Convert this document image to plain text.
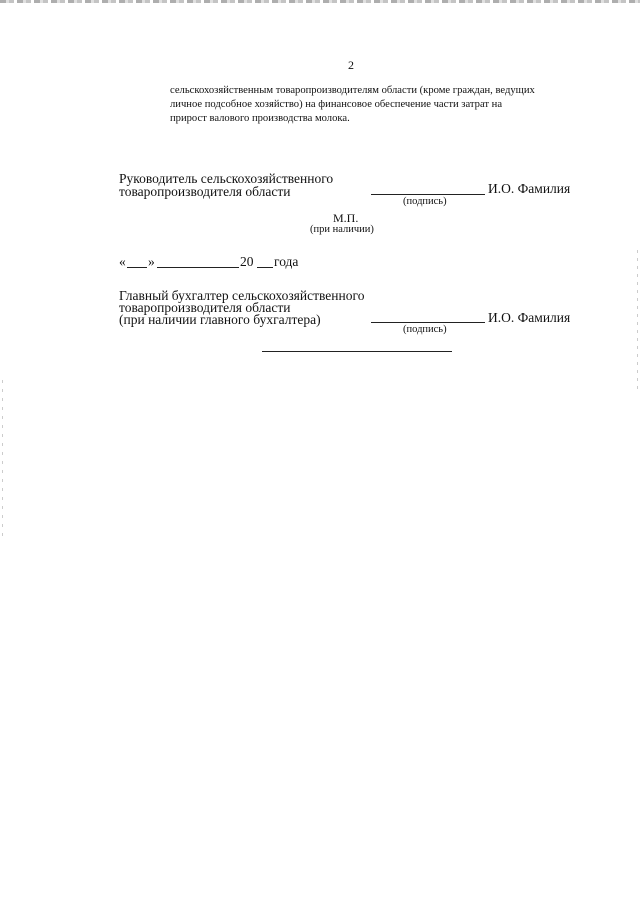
2
сельскохозяйственным товаропроизводителям области (кроме граждан, ведущих
личное подсобное хозяйство) на финансовое обеспечение части затрат на
прирост валового производства молока.
Руководитель сельскохозяйственного
товаропроизводителя области	И.О. Фамилия
(подпись)
М.П.
(при наличии)
« »	20 года
Главный бухгалтер сельскохозяйственного
товаропроизводителя области
(при наличии главного бухгалтера)	И.О. Фамилия
(подпись)
